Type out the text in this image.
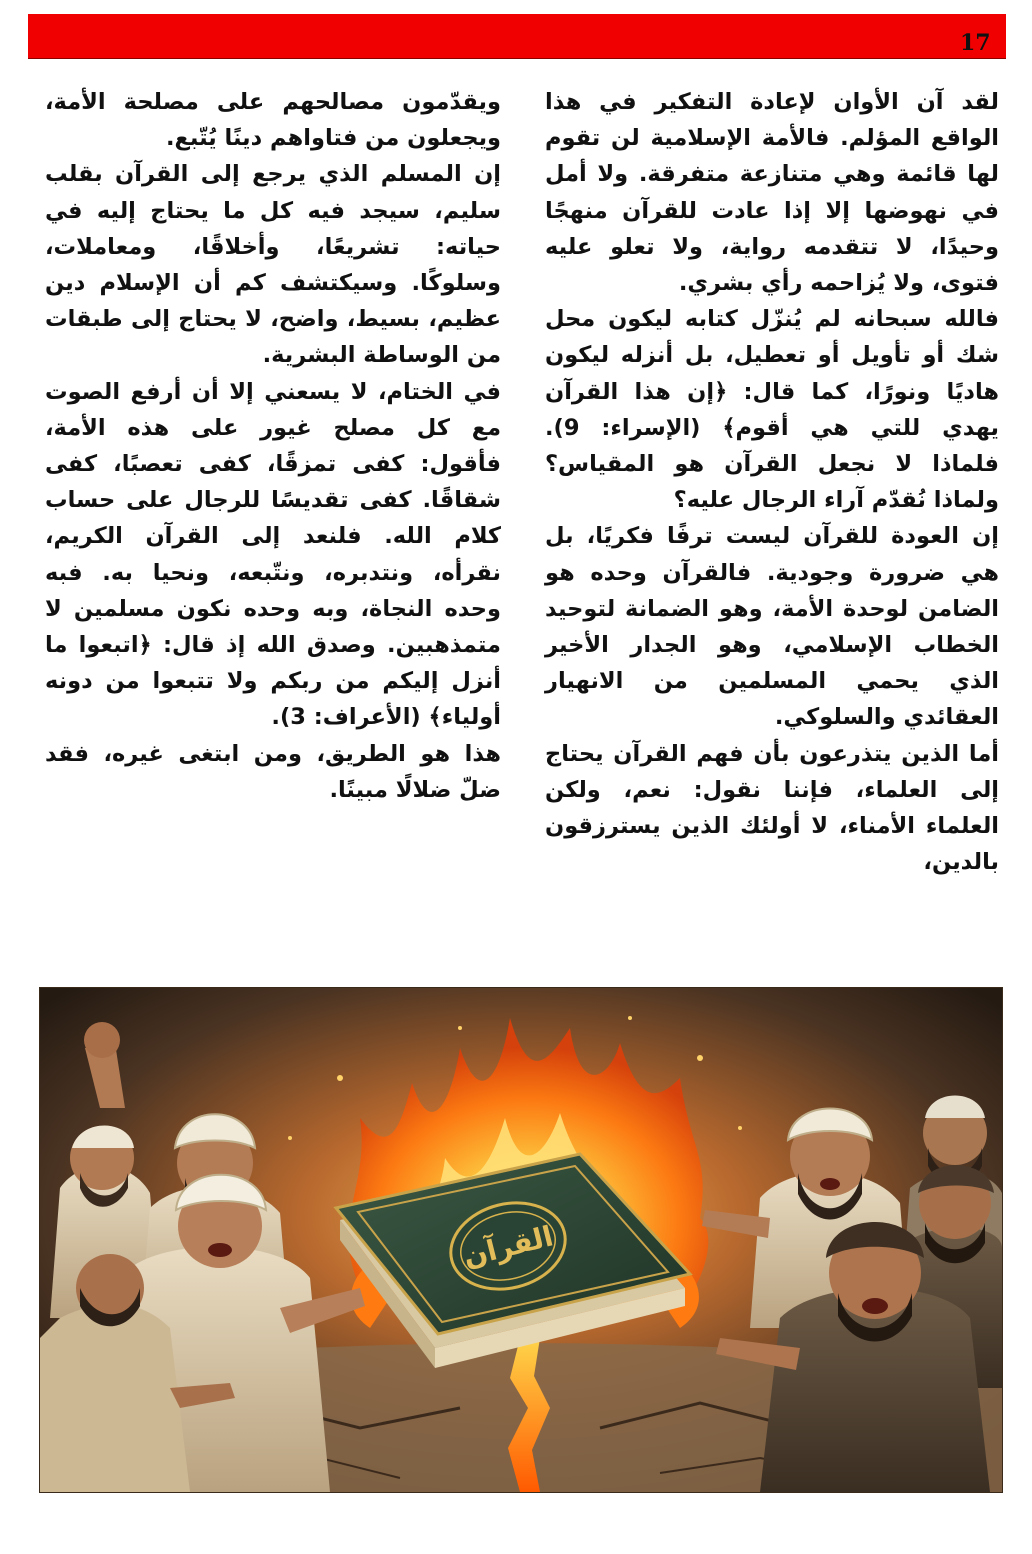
17

لقد آن الأوان لإعادة التفكير في هذا الواقع المؤلم. فالأمة الإسلامية لن تقوم لها قائمة وهي متنازعة متفرقة. ولا أمل في نهوضها إلا إذا عادت للقرآن منهجًا وحيدًا، لا تتقدمه رواية، ولا تعلو عليه فتوى، ولا يُزاحمه رأي بشري.

فالله سبحانه لم يُنزّل كتابه ليكون محل شك أو تأويل أو تعطيل، بل أنزله ليكون هاديًا ونورًا، كما قال: ﴿إن هذا القرآن يهدي للتي هي أقوم﴾ (الإسراء: 9). فلماذا لا نجعل القرآن هو المقياس؟ ولماذا نُقدّم آراء الرجال عليه؟

إن العودة للقرآن ليست ترفًا فكريًا، بل هي ضرورة وجودية. فالقرآن وحده هو الضامن لوحدة الأمة، وهو الضمانة لتوحيد الخطاب الإسلامي، وهو الجدار الأخير الذي يحمي المسلمين من الانهيار العقائدي والسلوكي.

أما الذين يتذرعون بأن فهم القرآن يحتاج إلى العلماء، فإننا نقول: نعم، ولكن العلماء الأمناء، لا أولئك الذين يسترزقون بالدين،

ويقدّمون مصالحهم على مصلحة الأمة، ويجعلون من فتاواهم دينًا يُتّبع.

إن المسلم الذي يرجع إلى القرآن بقلب سليم، سيجد فيه كل ما يحتاج إليه في حياته: تشريعًا، وأخلاقًا، ومعاملات، وسلوكًا. وسيكتشف كم أن الإسلام دين عظيم، بسيط، واضح، لا يحتاج إلى طبقات من الوساطة البشرية.

في الختام، لا يسعني إلا أن أرفع الصوت مع كل مصلح غيور على هذه الأمة، فأقول: كفى تمزقًا، كفى تعصبًا، كفى شقاقًا. كفى تقديسًا للرجال على حساب كلام الله. فلنعد إلى القرآن الكريم، نقرأه، ونتدبره، ونتّبعه، ونحيا به. فبه وحده النجاة، وبه وحده نكون مسلمين لا متمذهبين. وصدق الله إذ قال: ﴿اتبعوا ما أنزل إليكم من ربكم ولا تتبعوا من دونه أولياء﴾ (الأعراف: 3).

هذا هو الطريق، ومن ابتغى غيره، فقد ضلّ ضلالًا مبينًا.

القرآن
